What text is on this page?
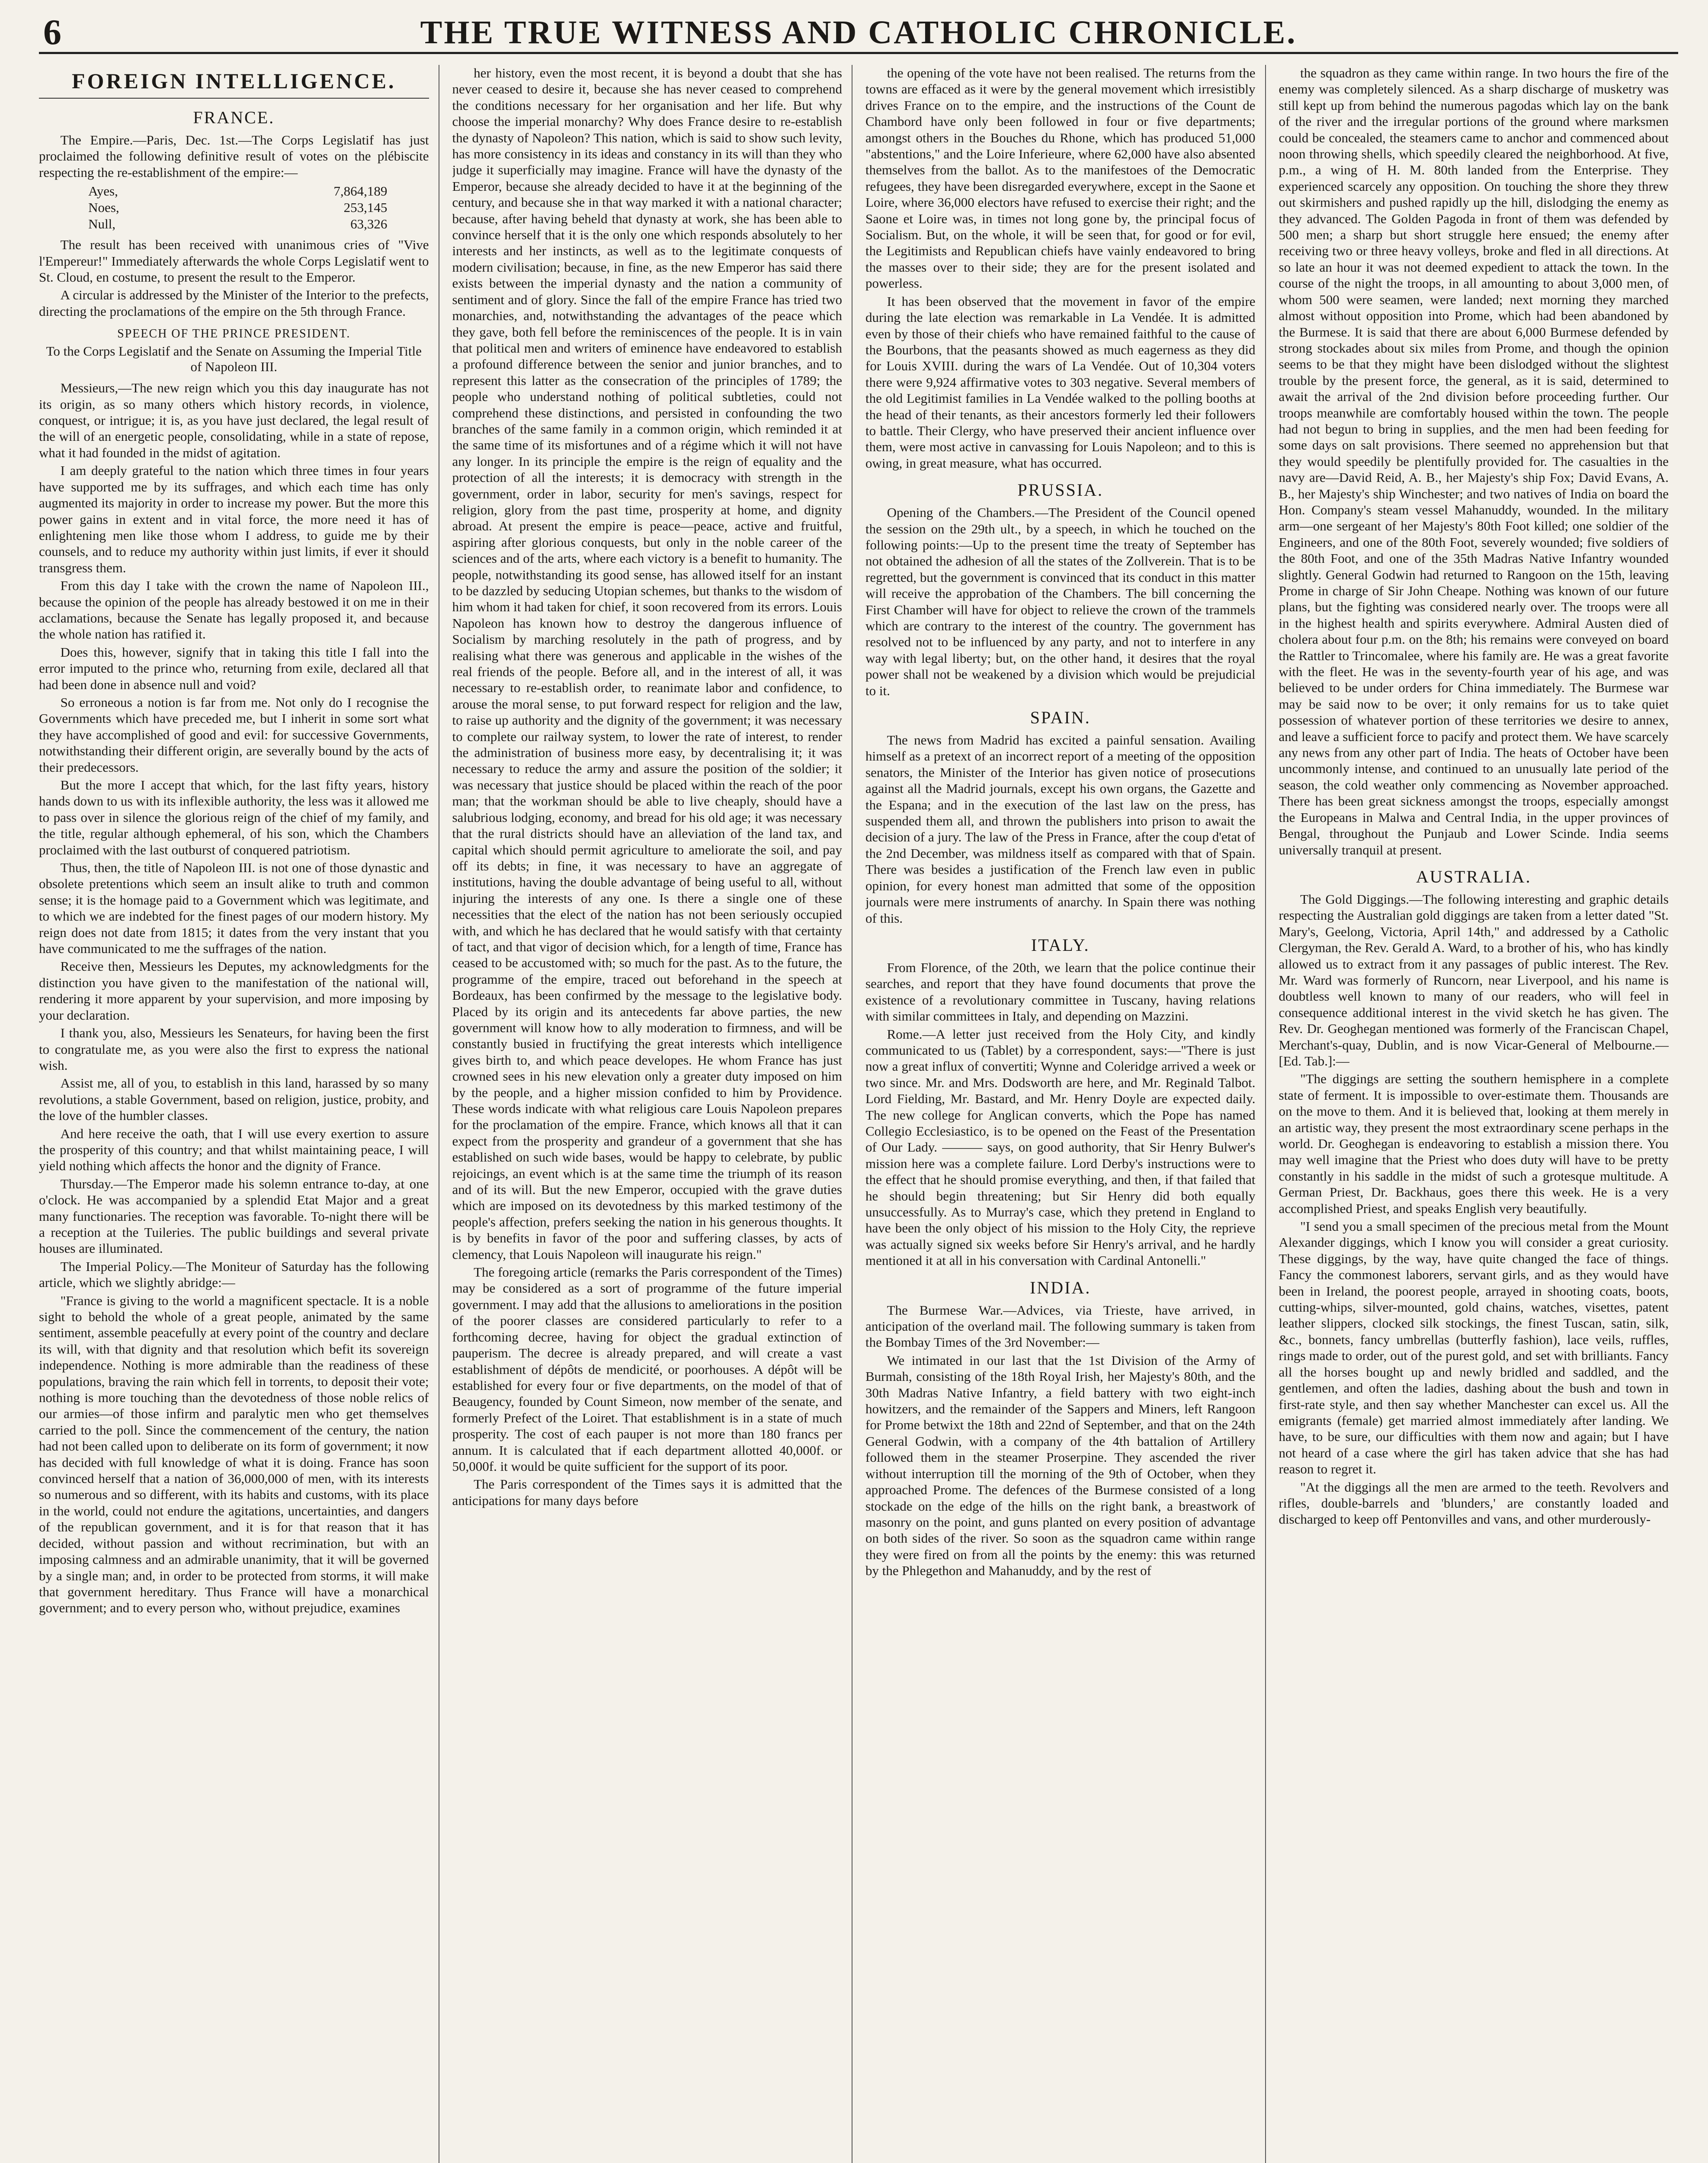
6	THE TRUE WITNESS AND CATHOLIC CHRONICLE.
FOREIGN INTELLIGENCE.
FRANCE.

The Empire.—Paris, Dec. 1st.—The Corps Legislatif has just proclaimed the following definitive result of votes on the plébiscite respecting the re-establishment of the empire:—

Ayes,	7,864,189
Noes,	253,145
Null,	63,326

The result has been received with unanimous cries of "Vive l'Empereur!" Immediately afterwards the whole Corps Legislatif went to St. Cloud, en costume, to present the result to the Emperor.

A circular is addressed by the Minister of the Interior to the prefects, directing the proclamations of the empire on the 5th through France.

SPEECH OF THE PRINCE PRESIDENT.
To the Corps Legislatif and the Senate on Assuming the Imperial Title of Napoleon III.

Messieurs,—The new reign which you this day inaugurate has not its origin, as so many others which history records, in violence, conquest, or intrigue; it is, as you have just declared, the legal result of the will of an energetic people, consolidating, while in a state of repose, what it had founded in the midst of agitation.

I am deeply grateful to the nation which three times in four years have supported me by its suffrages, and which each time has only augmented its majority in order to increase my power. But the more this power gains in extent and in vital force, the more need it has of enlightening men like those whom I address, to guide me by their counsels, and to reduce my authority within just limits, if ever it should transgress them.

From this day I take with the crown the name of Napoleon III., because the opinion of the people has already bestowed it on me in their acclamations, because the Senate has legally proposed it, and because the whole nation has ratified it.

Does this, however, signify that in taking this title I fall into the error imputed to the prince who, returning from exile, declared all that had been done in absence null and void?

So erroneous a notion is far from me. Not only do I recognise the Governments which have preceded me, but I inherit in some sort what they have accomplished of good and evil: for successive Governments, notwithstanding their different origin, are severally bound by the acts of their predecessors.

But the more I accept that which, for the last fifty years, history hands down to us with its inflexible authority, the less was it allowed me to pass over in silence the glorious reign of the chief of my family, and the title, regular although ephemeral, of his son, which the Chambers proclaimed with the last outburst of conquered patriotism.

Thus, then, the title of Napoleon III. is not one of those dynastic and obsolete pretentions which seem an insult alike to truth and common sense; it is the homage paid to a Government which was legitimate, and to which we are indebted for the finest pages of our modern history. My reign does not date from 1815; it dates from the very instant that you have communicated to me the suffrages of the nation.

Receive then, Messieurs les Deputes, my acknowledgments for the distinction you have given to the manifestation of the national will, rendering it more apparent by your supervision, and more imposing by your declaration.

I thank you, also, Messieurs les Senateurs, for having been the first to congratulate me, as you were also the first to express the national wish.

Assist me, all of you, to establish in this land, harassed by so many revolutions, a stable Government, based on religion, justice, probity, and the love of the humbler classes.

And here receive the oath, that I will use every exertion to assure the prosperity of this country; and that whilst maintaining peace, I will yield nothing which affects the honor and the dignity of France.

Thursday.—The Emperor made his solemn entrance to-day, at one o'clock. He was accompanied by a splendid Etat Major and a great many functionaries. The reception was favorable. To-night there will be a reception at the Tuileries. The public buildings and several private houses are illuminated.

The Imperial Policy.—The Moniteur of Saturday has the following article, which we slightly abridge:—

"France is giving to the world a magnificent spectacle. It is a noble sight to behold the whole of a great people, animated by the same sentiment, assemble peacefully at every point of the country and declare its will, with that dignity and that resolution which befit its sovereign independence. Nothing is more admirable than the readiness of these populations, braving the rain which fell in torrents, to deposit their vote; nothing is more touching than the devotedness of those noble relics of our armies—of those infirm and paralytic men who get themselves carried to the poll. Since the commencement of the century, the nation had not been called upon to deliberate on its form of government; it now has decided with full knowledge of what it is doing. France has soon convinced herself that a nation of 36,000,000 of men, with its interests so numerous and so different, with its habits and customs, with its place in the world, could not endure the agitations, uncertainties, and dangers of the republican government, and it is for that reason that it has decided, without passion and without recrimination, but with an imposing calmness and an admirable unanimity, that it will be governed by a single man; and, in order to be protected from storms, it will make that government hereditary. Thus France will have a monarchical government; and to every person who, without prejudice, examines

her history, even the most recent, it is beyond a doubt that she has never ceased to desire it, because she has never ceased to comprehend the conditions necessary for her organisation and her life. But why choose the imperial monarchy? Why does France desire to re-establish the dynasty of Napoleon? This nation, which is said to show such levity, has more consistency in its ideas and constancy in its will than they who judge it superficially may imagine. France will have the dynasty of the Emperor, because she already decided to have it at the beginning of the century, and because she in that way marked it with a national character; because, after having beheld that dynasty at work, she has been able to convince herself that it is the only one which responds absolutely to her interests and her instincts, as well as to the legitimate conquests of modern civilisation; because, in fine, as the new Emperor has said there exists between the imperial dynasty and the nation a community of sentiment and of glory. Since the fall of the empire France has tried two monarchies, and, notwithstanding the advantages of the peace which they gave, both fell before the reminiscences of the people. It is in vain that political men and writers of eminence have endeavored to establish a profound difference between the senior and junior branches, and to represent this latter as the consecration of the principles of 1789; the people who understand nothing of political subtleties, could not comprehend these distinctions, and persisted in confounding the two branches of the same family in a common origin, which reminded it at the same time of its misfortunes and of a régime which it will not have any longer. In its principle the empire is the reign of equality and the protection of all the interests; it is democracy with strength in the government, order in labor, security for men's savings, respect for religion, glory from the past time, prosperity at home, and dignity abroad. At present the empire is peace—peace, active and fruitful, aspiring after glorious conquests, but only in the noble career of the sciences and of the arts, where each victory is a benefit to humanity. The people, notwithstanding its good sense, has allowed itself for an instant to be dazzled by seducing Utopian schemes, but thanks to the wisdom of him whom it had taken for chief, it soon recovered from its errors. Louis Napoleon has known how to destroy the dangerous influence of Socialism by marching resolutely in the path of progress, and by realising what there was generous and applicable in the wishes of the real friends of the people. Before all, and in the interest of all, it was necessary to re-establish order, to reanimate labor and confidence, to arouse the moral sense, to put forward respect for religion and the law, to raise up authority and the dignity of the government; it was necessary to complete our railway system, to lower the rate of interest, to render the administration of business more easy, by decentralising it; it was necessary to reduce the army and assure the position of the soldier; it was necessary that justice should be placed within the reach of the poor man; that the workman should be able to live cheaply, should have a salubrious lodging, economy, and bread for his old age; it was necessary that the rural districts should have an alleviation of the land tax, and capital which should permit agriculture to ameliorate the soil, and pay off its debts; in fine, it was necessary to have an aggregate of institutions, having the double advantage of being useful to all, without injuring the interests of any one. Is there a single one of these necessities that the elect of the nation has not been seriously occupied with, and which he has declared that he would satisfy with that certainty of tact, and that vigor of decision which, for a length of time, France has ceased to be accustomed with; so much for the past. As to the future, the programme of the empire, traced out beforehand in the speech at Bordeaux, has been confirmed by the message to the legislative body. Placed by its origin and its antecedents far above parties, the new government will know how to ally moderation to firmness, and will be constantly busied in fructifying the great interests which intelligence gives birth to, and which peace developes. He whom France has just crowned sees in his new elevation only a greater duty imposed on him by the people, and a higher mission confided to him by Providence. These words indicate with what religious care Louis Napoleon prepares for the proclamation of the empire. France, which knows all that it can expect from the prosperity and grandeur of a government that she has established on such wide bases, would be happy to celebrate, by public rejoicings, an event which is at the same time the triumph of its reason and of its will. But the new Emperor, occupied with the grave duties which are imposed on its devotedness by this marked testimony of the people's affection, prefers seeking the nation in his generous thoughts. It is by benefits in favor of the poor and suffering classes, by acts of clemency, that Louis Napoleon will inaugurate his reign."

The foregoing article (remarks the Paris correspondent of the Times) may be considered as a sort of programme of the future imperial government. I may add that the allusions to ameliorations in the position of the poorer classes are considered particularly to refer to a forthcoming decree, having for object the gradual extinction of pauperism. The decree is already prepared, and will create a vast establishment of dépôts de mendicité, or poorhouses. A dépôt will be established for every four or five departments, on the model of that of Beaugency, founded by Count Simeon, now member of the senate, and formerly Prefect of the Loiret. That establishment is in a state of much prosperity. The cost of each pauper is not more than 180 francs per annum. It is calculated that if each department allotted 40,000f. or 50,000f. it would be quite sufficient for the support of its poor.

The Paris correspondent of the Times says it is admitted that the anticipations for many days before

the opening of the vote have not been realised. The returns from the towns are effaced as it were by the general movement which irresistibly drives France on to the empire, and the instructions of the Count de Chambord have only been followed in four or five departments; amongst others in the Bouches du Rhone, which has produced 51,000 "abstentions," and the Loire Inferieure, where 62,000 have also absented themselves from the ballot. As to the manifestoes of the Democratic refugees, they have been disregarded everywhere, except in the Saone et Loire, where 36,000 electors have refused to exercise their right; and the Saone et Loire was, in times not long gone by, the principal focus of Socialism. But, on the whole, it will be seen that, for good or for evil, the Legitimists and Republican chiefs have vainly endeavored to bring the masses over to their side; they are for the present isolated and powerless.

It has been observed that the movement in favor of the empire during the late election was remarkable in La Vendée. It is admitted even by those of their chiefs who have remained faithful to the cause of the Bourbons, that the peasants showed as much eagerness as they did for Louis XVIII. during the wars of La Vendée. Out of 10,304 voters there were 9,924 affirmative votes to 303 negative. Several members of the old Legitimist families in La Vendée walked to the polling booths at the head of their tenants, as their ancestors formerly led their followers to battle. Their Clergy, who have preserved their ancient influence over them, were most active in canvassing for Louis Napoleon; and to this is owing, in great measure, what has occurred.

PRUSSIA.

Opening of the Chambers.—The President of the Council opened the session on the 29th ult., by a speech, in which he touched on the following points:—Up to the present time the treaty of September has not obtained the adhesion of all the states of the Zollverein. That is to be regretted, but the government is convinced that its conduct in this matter will receive the approbation of the Chambers. The bill concerning the First Chamber will have for object to relieve the crown of the trammels which are contrary to the interest of the country. The government has resolved not to be influenced by any party, and not to interfere in any way with legal liberty; but, on the other hand, it desires that the royal power shall not be weakened by a division which would be prejudicial to it.

SPAIN.

The news from Madrid has excited a painful sensation. Availing himself as a pretext of an incorrect report of a meeting of the opposition senators, the Minister of the Interior has given notice of prosecutions against all the Madrid journals, except his own organs, the Gazette and the Espana; and in the execution of the last law on the press, has suspended them all, and thrown the publishers into prison to await the decision of a jury. The law of the Press in France, after the coup d'etat of the 2nd December, was mildness itself as compared with that of Spain. There was besides a justification of the French law even in public opinion, for every honest man admitted that some of the opposition journals were mere instruments of anarchy. In Spain there was nothing of this.

ITALY.

From Florence, of the 20th, we learn that the police continue their searches, and report that they have found documents that prove the existence of a revolutionary committee in Tuscany, having relations with similar committees in Italy, and depending on Mazzini.

Rome.—A letter just received from the Holy City, and kindly communicated to us (Tablet) by a correspondent, says:—"There is just now a great influx of convertiti; Wynne and Coleridge arrived a week or two since. Mr. and Mrs. Dodsworth are here, and Mr. Reginald Talbot. Lord Fielding, Mr. Bastard, and Mr. Henry Doyle are expected daily. The new college for Anglican converts, which the Pope has named Collegio Ecclesiastico, is to be opened on the Feast of the Presentation of Our Lady. ——— says, on good authority, that Sir Henry Bulwer's mission here was a complete failure. Lord Derby's instructions were to the effect that he should promise everything, and then, if that failed that he should begin threatening; but Sir Henry did both equally unsuccessfully. As to Murray's case, which they pretend in England to have been the only object of his mission to the Holy City, the reprieve was actually signed six weeks before Sir Henry's arrival, and he hardly mentioned it at all in his conversation with Cardinal Antonelli."

INDIA.

The Burmese War.—Advices, via Trieste, have arrived, in anticipation of the overland mail. The following summary is taken from the Bombay Times of the 3rd November:—

We intimated in our last that the 1st Division of the Army of Burmah, consisting of the 18th Royal Irish, her Majesty's 80th, and the 30th Madras Native Infantry, a field battery with two eight-inch howitzers, and the remainder of the Sappers and Miners, left Rangoon for Prome betwixt the 18th and 22nd of September, and that on the 24th General Godwin, with a company of the 4th battalion of Artillery followed them in the steamer Proserpine. They ascended the river without interruption till the morning of the 9th of October, when they approached Prome. The defences of the Burmese consisted of a long stockade on the edge of the hills on the right bank, a breastwork of masonry on the point, and guns planted on every position of advantage on both sides of the river. So soon as the squadron came within range they were fired on from all the points by the enemy: this was returned by the Phlegethon and Mahanuddy, and by the rest of

the squadron as they came within range. In two hours the fire of the enemy was completely silenced. As a sharp discharge of musketry was still kept up from behind the numerous pagodas which lay on the bank of the river and the irregular portions of the ground where marksmen could be concealed, the steamers came to anchor and commenced about noon throwing shells, which speedily cleared the neighborhood. At five, p.m., a wing of H. M. 80th landed from the Enterprise. They experienced scarcely any opposition. On touching the shore they threw out skirmishers and pushed rapidly up the hill, dislodging the enemy as they advanced. The Golden Pagoda in front of them was defended by 500 men; a sharp but short struggle here ensued; the enemy after receiving two or three heavy volleys, broke and fled in all directions. At so late an hour it was not deemed expedient to attack the town. In the course of the night the troops, in all amounting to about 3,000 men, of whom 500 were seamen, were landed; next morning they marched almost without opposition into Prome, which had been abandoned by the Burmese. It is said that there are about 6,000 Burmese defended by strong stockades about six miles from Prome, and though the opinion seems to be that they might have been dislodged without the slightest trouble by the present force, the general, as it is said, determined to await the arrival of the 2nd division before proceeding further. Our troops meanwhile are comfortably housed within the town. The people had not begun to bring in supplies, and the men had been feeding for some days on salt provisions. There seemed no apprehension but that they would speedily be plentifully provided for. The casualties in the navy are—David Reid, A. B., her Majesty's ship Fox; David Evans, A. B., her Majesty's ship Winchester; and two natives of India on board the Hon. Company's steam vessel Mahanuddy, wounded. In the military arm—one sergeant of her Majesty's 80th Foot killed; one soldier of the Engineers, and one of the 80th Foot, severely wounded; five soldiers of the 80th Foot, and one of the 35th Madras Native Infantry wounded slightly. General Godwin had returned to Rangoon on the 15th, leaving Prome in charge of Sir John Cheape. Nothing was known of our future plans, but the fighting was considered nearly over. The troops were all in the highest health and spirits everywhere. Admiral Austen died of cholera about four p.m. on the 8th; his remains were conveyed on board the Rattler to Trincomalee, where his family are. He was a great favorite with the fleet. He was in the seventy-fourth year of his age, and was believed to be under orders for China immediately. The Burmese war may be said now to be over; it only remains for us to take quiet possession of whatever portion of these territories we desire to annex, and leave a sufficient force to pacify and protect them. We have scarcely any news from any other part of India. The heats of October have been uncommonly intense, and continued to an unusually late period of the season, the cold weather only commencing as November approached. There has been great sickness amongst the troops, especially amongst the Europeans in Malwa and Central India, in the upper provinces of Bengal, throughout the Punjaub and Lower Scinde. India seems universally tranquil at present.

AUSTRALIA.

The Gold Diggings.—The following interesting and graphic details respecting the Australian gold diggings are taken from a letter dated "St. Mary's, Geelong, Victoria, April 14th," and addressed by a Catholic Clergyman, the Rev. Gerald A. Ward, to a brother of his, who has kindly allowed us to extract from it any passages of public interest. The Rev. Mr. Ward was formerly of Runcorn, near Liverpool, and his name is doubtless well known to many of our readers, who will feel in consequence additional interest in the vivid sketch he has given. The Rev. Dr. Geoghegan mentioned was formerly of the Franciscan Chapel, Merchant's-quay, Dublin, and is now Vicar-General of Melbourne.—[Ed. Tab.]:—

"The diggings are setting the southern hemisphere in a complete state of ferment. It is impossible to over-estimate them. Thousands are on the move to them. And it is believed that, looking at them merely in an artistic way, they present the most extraordinary scene perhaps in the world. Dr. Geoghegan is endeavoring to establish a mission there. You may well imagine that the Priest who does duty will have to be pretty constantly in his saddle in the midst of such a grotesque multitude. A German Priest, Dr. Backhaus, goes there this week. He is a very accomplished Priest, and speaks English very beautifully.

"I send you a small specimen of the precious metal from the Mount Alexander diggings, which I know you will consider a great curiosity. These diggings, by the way, have quite changed the face of things. Fancy the commonest laborers, servant girls, and as they would have been in Ireland, the poorest people, arrayed in shooting coats, boots, cutting-whips, silver-mounted, gold chains, watches, visettes, patent leather slippers, clocked silk stockings, the finest Tuscan, satin, silk, &c., bonnets, fancy umbrellas (butterfly fashion), lace veils, ruffles, rings made to order, out of the purest gold, and set with brilliants. Fancy all the horses bought up and newly bridled and saddled, and the gentlemen, and often the ladies, dashing about the bush and town in first-rate style, and then say whether Manchester can excel us. All the emigrants (female) get married almost immediately after landing. We have, to be sure, our difficulties with them now and again; but I have not heard of a case where the girl has taken advice that she has had reason to regret it.

"At the diggings all the men are armed to the teeth. Revolvers and rifles, double-barrels and 'blunders,' are constantly loaded and discharged to keep off Pentonvilles and vans, and other murderously-
